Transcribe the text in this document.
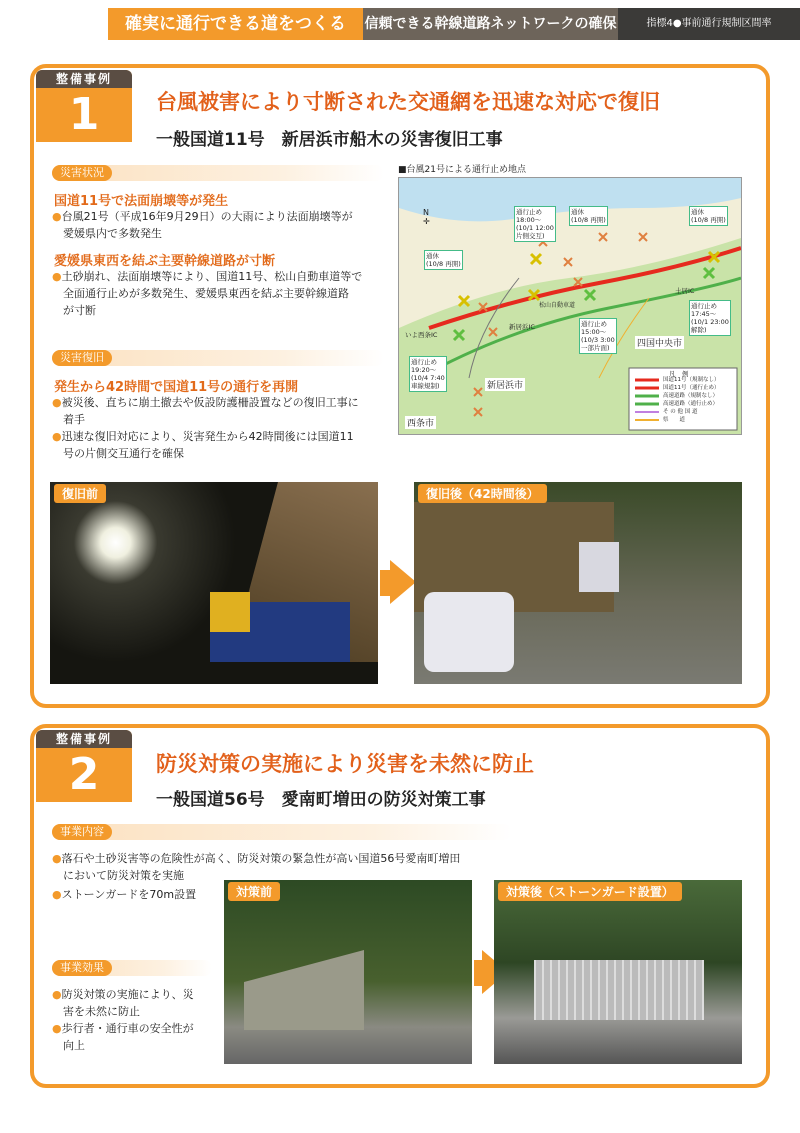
確実に通行できる道をつくる	信頼できる幹線道路ネットワークの確保	指標4●事前通行規制区間率
整備事例
1	台風被害により寸断された交通網を迅速な対応で復旧
一般国道11号　新居浜市船木の災害復旧工事
災害状況
国道11号で法面崩壊等が発生
●台風21号（平成16年9月29日）の大雨により法面崩壊等が
愛媛県内で多数発生
愛媛県東西を結ぶ主要幹線道路が寸断
●土砂崩れ、法面崩壊等により、国道11号、松山自動車道等で
全面通行止めが多数発生、愛媛県東西を結ぶ主要幹線道路
が寸断
災害復旧
発生から42時間で国道11号の通行を再開
●被災後、直ちに崩土撤去や仮設防護柵設置などの復旧工事に
着手
●迅速な復旧対応により、災害発生から42時間後には国道11
号の片側交互通行を確保
■台風21号による通行止め地点
N
✛
通休
(10/8 再開)
通行止め
18:00～
(10/1 12:00
片側交互)
通休
(10/8 再開)
通休
(10/8 再開)
通行止め
15:00～
(10/3 3:00
一部片面)
通行止め
17:45～
(10/1 23:00
解除)
通行止め
19:20～
(10/4 7:40
車線規制)	新居浜市
西条市
四国中央市
いよ西条IC
新居浜IC
土居IC
松山自動車道
凡　例
国道11号（規制なし）
国道11号（通行止め）
高速道路（規制なし）
高速道路（通行止め）
そ の 他 国 道
県　　道
復旧前	復旧後（42時間後）
整備事例
2	防災対策の実施により災害を未然に防止
一般国道56号　愛南町増田の防災対策工事
事業内容
●落石や土砂災害等の危険性が高く、防災対策の緊急性が高い国道56号愛南町増田
において防災対策を実施
●ストーンガードを70m設置
事業効果
●防災対策の実施により、災
害を未然に防止
●歩行者・通行車の安全性が
向上
対策前	対策後（ストーンガード設置）
